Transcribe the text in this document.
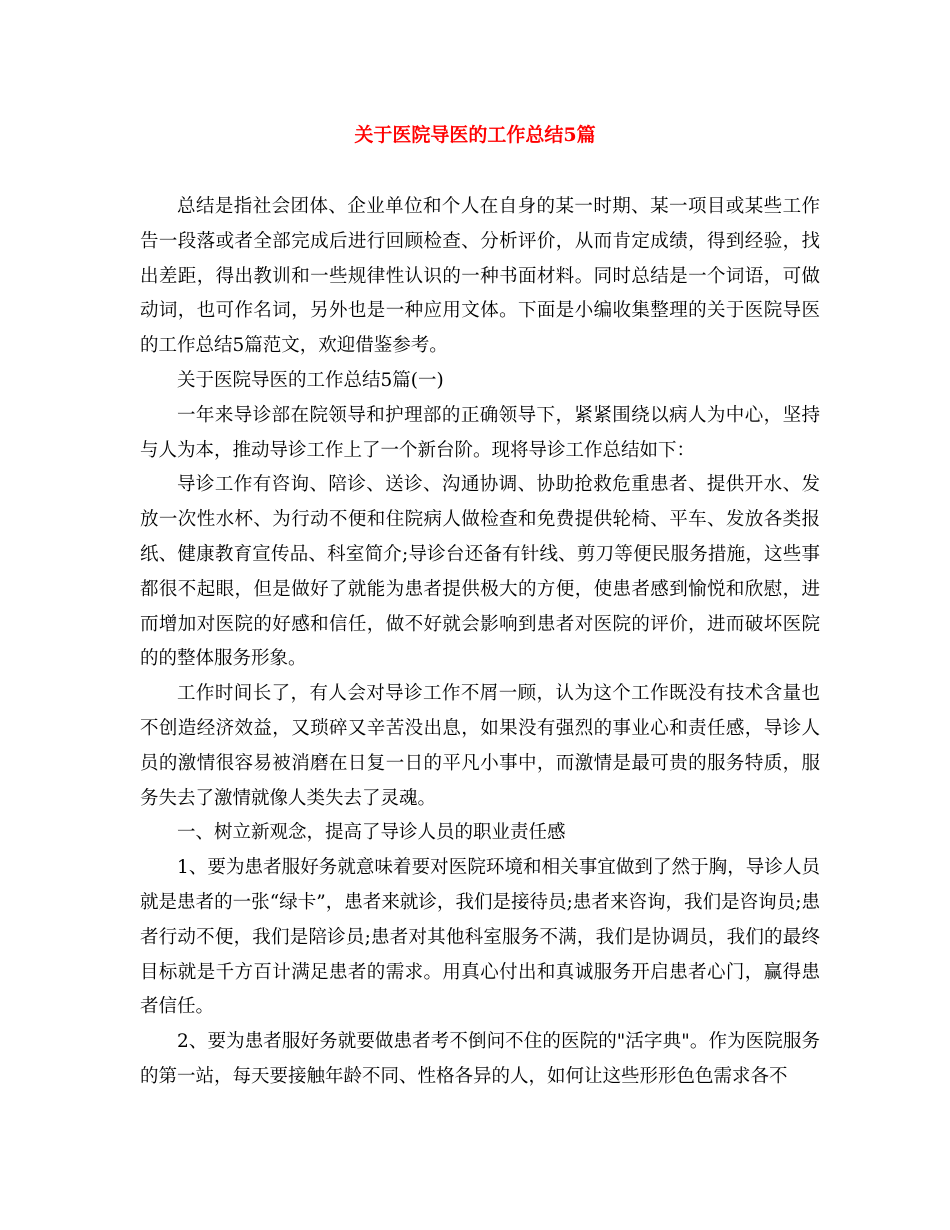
关于医院导医的工作总结5篇

总结是指社会团体、企业单位和个人在自身的某一时期、某一项目或某些工作告一段落或者全部完成后进行回顾检查、分析评价，从而肯定成绩，得到经验，找出差距，得出教训和一些规律性认识的一种书面材料。同时总结是一个词语，可做动词，也可作名词，另外也是一种应用文体。下面是小编收集整理的关于医院导医的工作总结5篇范文，欢迎借鉴参考。

关于医院导医的工作总结5篇(一)

一年来导诊部在院领导和护理部的正确领导下，紧紧围绕以病人为中心，坚持与人为本，推动导诊工作上了一个新台阶。现将导诊工作总结如下：

导诊工作有咨询、陪诊、送诊、沟通协调、协助抢救危重患者、提供开水、发放一次性水杯、为行动不便和住院病人做检查和免费提供轮椅、平车、发放各类报纸、健康教育宣传品、科室简介;导诊台还备有针线、剪刀等便民服务措施，这些事都很不起眼，但是做好了就能为患者提供极大的方便，使患者感到愉悦和欣慰，进而增加对医院的好感和信任，做不好就会影响到患者对医院的评价，进而破坏医院的的整体服务形象。

工作时间长了，有人会对导诊工作不屑一顾，认为这个工作既没有技术含量也不创造经济效益，又琐碎又辛苦没出息，如果没有强烈的事业心和责任感，导诊人员的激情很容易被消磨在日复一日的平凡小事中，而激情是最可贵的服务特质，服务失去了激情就像人类失去了灵魂。

一、树立新观念，提高了导诊人员的职业责任感

1、要为患者服好务就意味着要对医院环境和相关事宜做到了然于胸，导诊人员就是患者的一张“绿卡”，患者来就诊，我们是接待员;患者来咨询，我们是咨询员;患者行动不便，我们是陪诊员;患者对其他科室服务不满，我们是协调员，我们的最终目标就是千方百计满足患者的需求。用真心付出和真诚服务开启患者心门，赢得患者信任。

2、要为患者服好务就要做患者考不倒问不住的医院的"活字典"。作为医院服务的第一站，每天要接触年龄不同、性格各异的人，如何让这些形形色色需求各不
